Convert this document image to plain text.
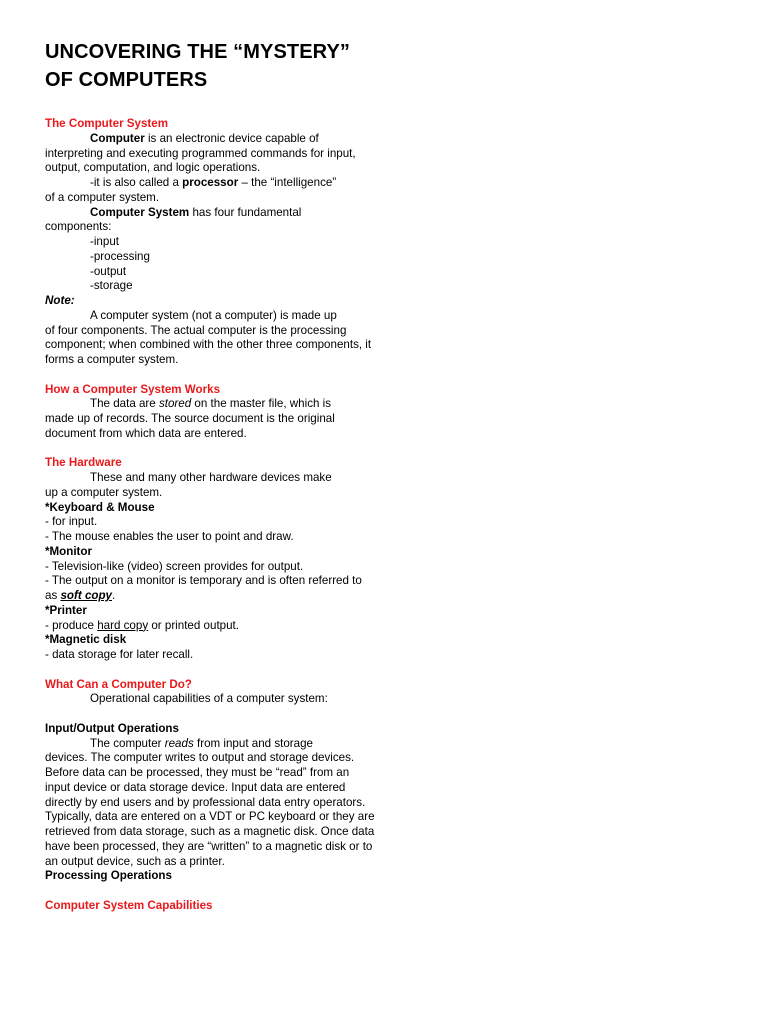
UNCOVERING THE “MYSTERY”
OF COMPUTERS

The Computer System

Computer is an electronic device capable of
interpreting and executing programmed commands for input, output, computation, and logic operations.

-it is also called a processor – the “intelligence”
of a computer system.

Computer System has four fundamental
components:

-input

-processing

-output

-storage

Note:

A computer system (not a computer) is made up
of four components. The actual computer is the processing component; when combined with the other three components, it forms a computer system.

How a Computer System Works

The data are stored on the master file, which is
made up of records. The source document is the original document from which data are entered.

The Hardware

These and many other hardware devices make
up a computer system.

*Keyboard & Mouse

- for input.

- The mouse enables the user to point and draw.

*Monitor

- Television-like (video) screen provides for output.

- The output on a monitor is temporary and is often referred to as soft copy.

*Printer

- produce hard copy or printed output.

*Magnetic disk

- data storage for later recall.

What Can a Computer Do?

Operational capabilities of a computer system:

Input/Output Operations

The computer reads from input and storage
devices. The computer writes to output and storage devices. Before data can be processed, they must be “read” from an input device or data storage device. Input data are entered directly by end users and by professional data entry operators. Typically, data are entered on a VDT or PC keyboard or they are retrieved from data storage, such as a magnetic disk. Once data have been processed, they are “written” to a magnetic disk or to an output device, such as a printer.

Processing Operations

Computer System Capabilities
